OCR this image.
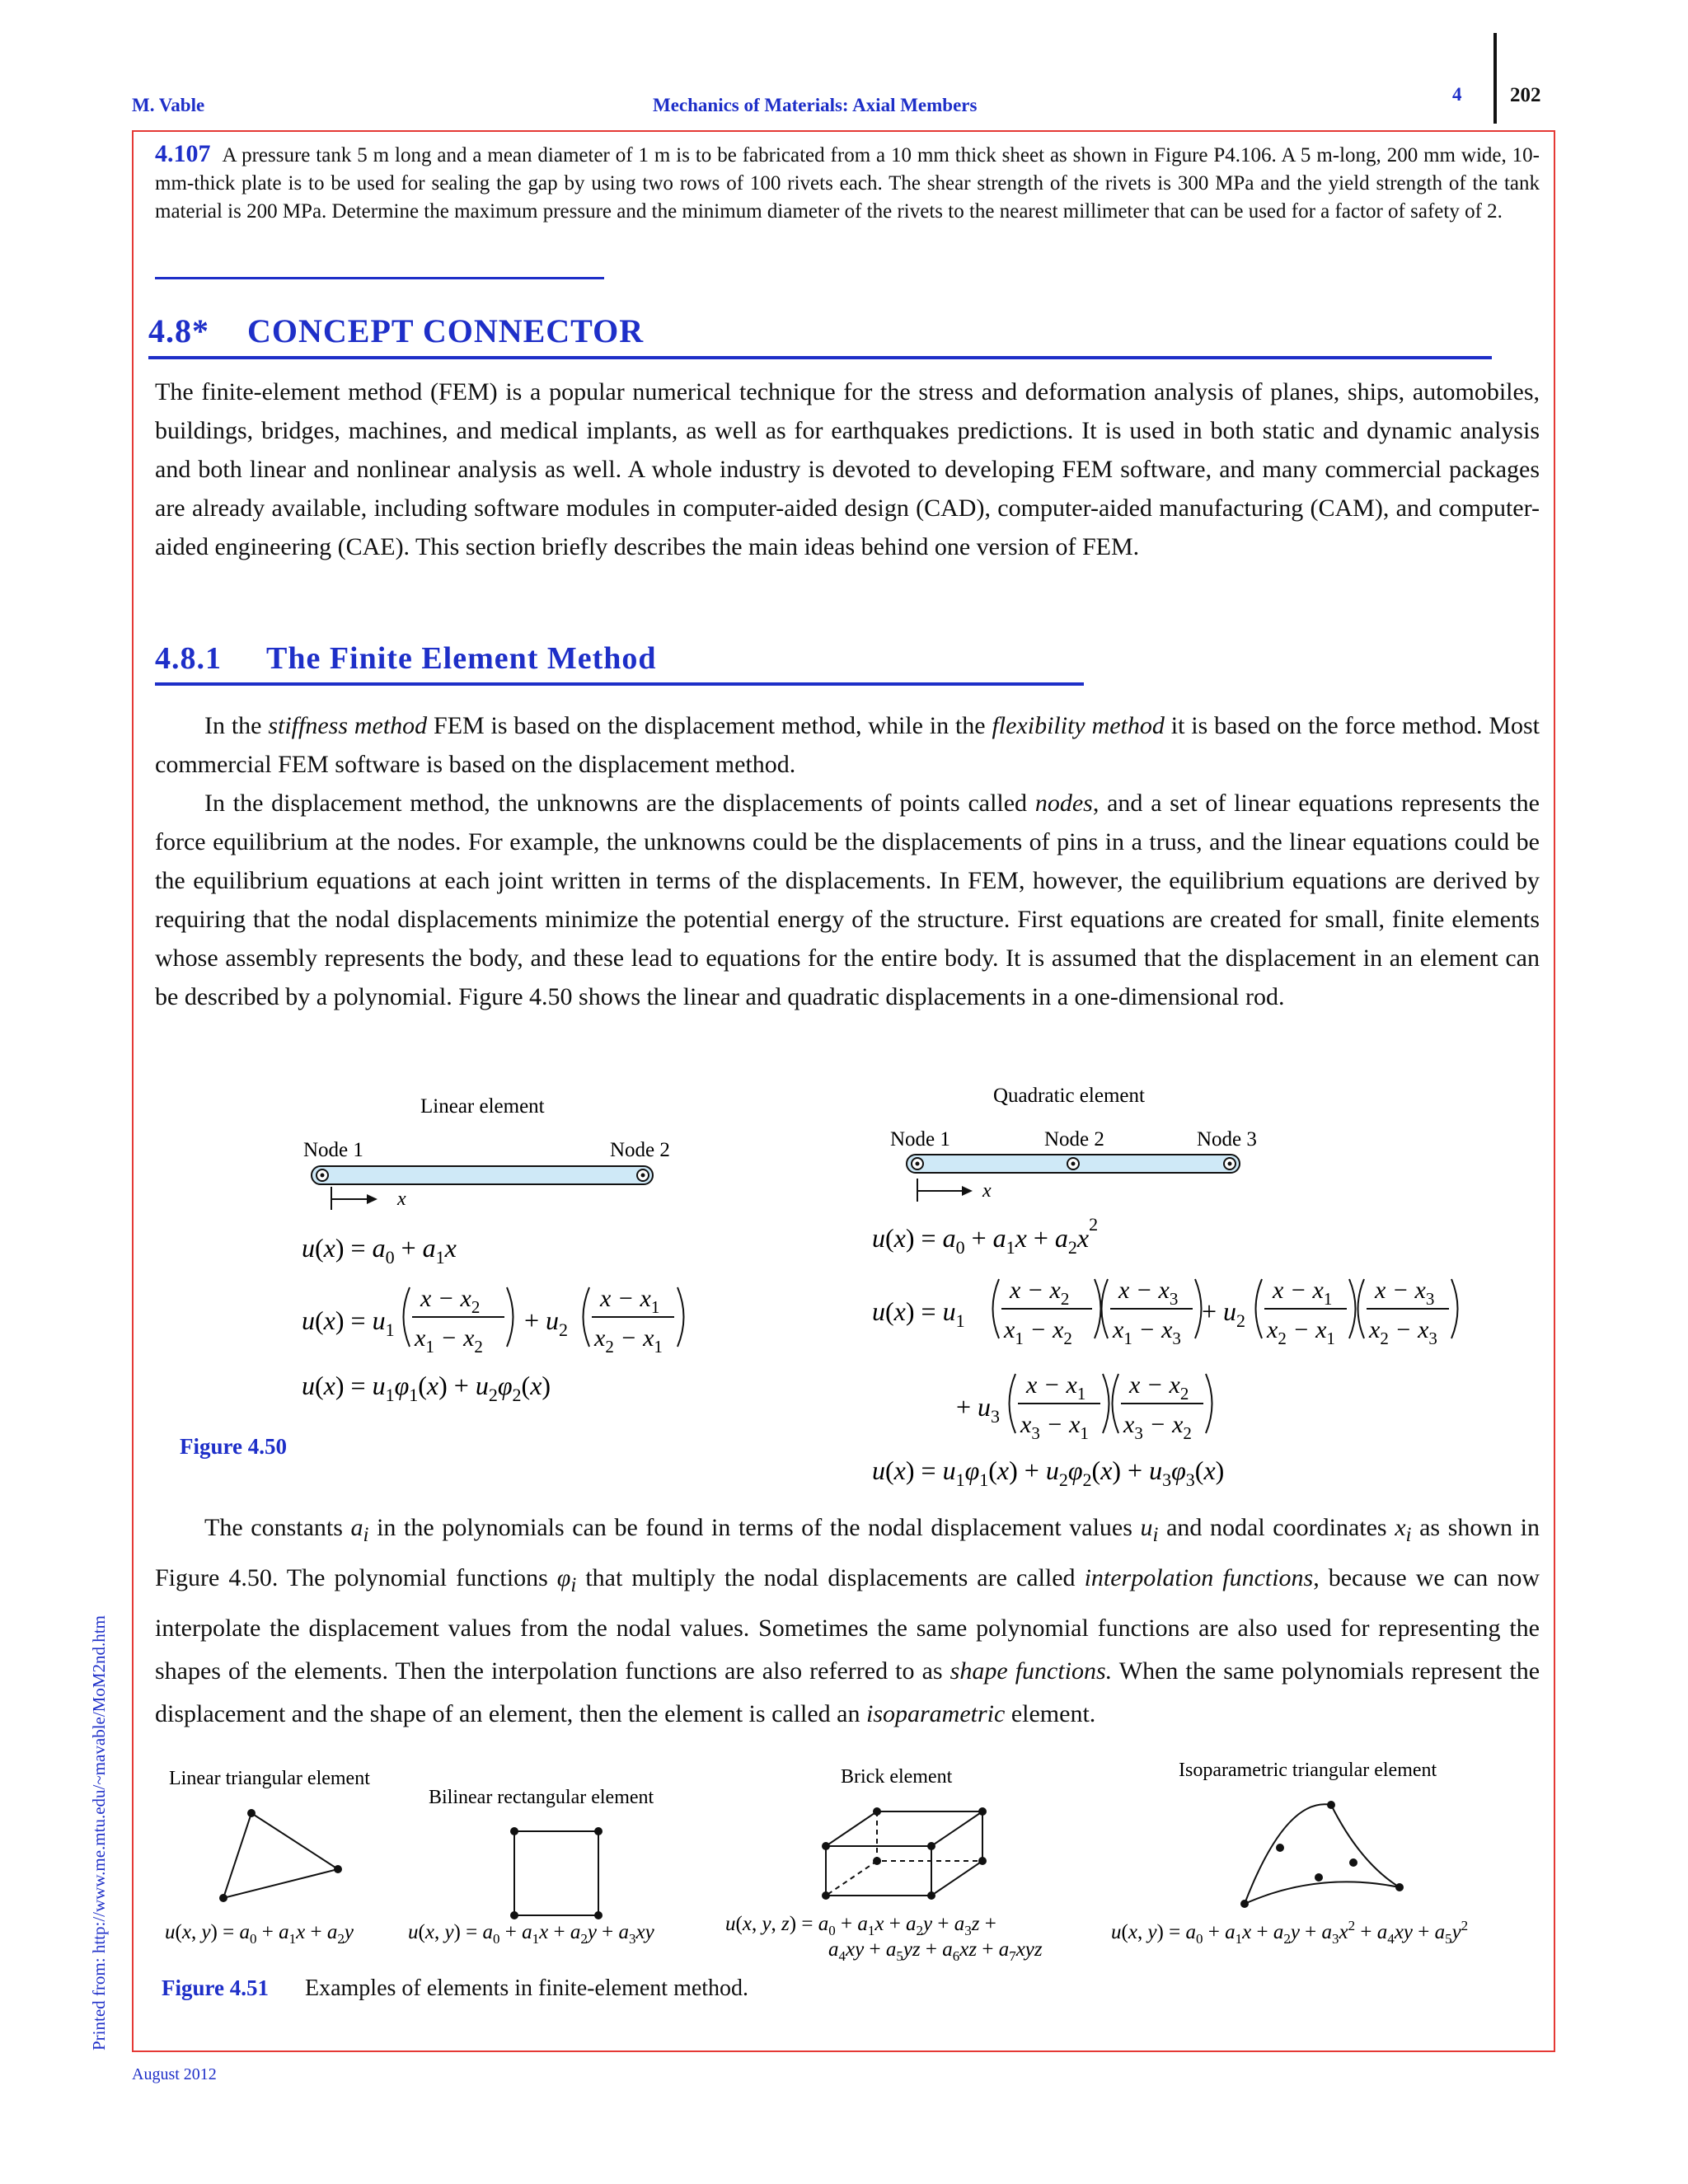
M. Vable	Mechanics of Materials: Axial Members
4 202
Printed from: http://www.me.mtu.edu/~mavable/MoM2nd.htm
August 2012
4.107 A pressure tank 5 m long and a mean diameter of 1 m is to be fabricated from a 10 mm thick sheet as shown in Figure P4.106. A 5 m-long, 200 mm wide, 10-mm-thick plate is to be used for sealing the gap by using two rows of 100 rivets each. The shear strength of the rivets is 300 MPa and the yield strength of the tank material is 200 MPa. Determine the maximum pressure and the minimum diameter of the rivets to the nearest millimeter that can be used for a factor of safety of 2.
4.8* CONCEPT CONNECTOR
The finite-element method (FEM) is a popular numerical technique for the stress and deformation analysis of planes, ships, automobiles, buildings, bridges, machines, and medical implants, as well as for earthquakes predictions. It is used in both static and dynamic analysis and both linear and nonlinear analysis as well. A whole industry is devoted to developing FEM software, and many commercial packages are already available, including software modules in computer-aided design (CAD), computer-aided manufacturing (CAM), and computer-aided engineering (CAE). This section briefly describes the main ideas behind one version of FEM.
4.8.1 The Finite Element Method
In the stiffness method FEM is based on the displacement method, while in the flexibility method it is based on the force method. Most commercial FEM software is based on the displacement method.
In the displacement method, the unknowns are the displacements of points called nodes, and a set of linear equations represents the force equilibrium at the nodes. For example, the unknowns could be the displacements of pins in a truss, and the linear equations could be the equilibrium equations at each joint written in terms of the displacements. In FEM, however, the equilibrium equations are derived by requiring that the nodal displacements minimize the potential energy of the structure. First equations are created for small, finite elements whose assembly represents the body, and these lead to equations for the entire body. It is assumed that the displacement in an element can be described by a polynomial. Figure 4.50 shows the linear and quadratic displacements in a one-dimensional rod.
Linear element
Node 1	Node 2
x
Quadratic element
Node 1	Node 2	Node 3
x
$u(x) = a_0 + a_1x$
$u(x) = u_1$
$x - x_2$
$x_1 - x_2$
+ $u_2$
$x - x_1$
$x_2 - x_1$
$u(x) = u_1\varphi_1(x) + u_2\varphi_2(x)$
$u(x) = a_0 + a_1x + a_2x^2$
$u(x) = u_1$
$x - x_2$
$x_1 - x_2$
$x - x_3$
$x_1 - x_3$
+ $u_2$
$x - x_1$
$x_2 - x_1$
$x - x_3$
$x_2 - x_3$
+ $u_3$
$x - x_1$
$x_3 - x_1$
$x - x_2$
$x_3 - x_2$
$u(x) = u_1\varphi_1(x) + u_2\varphi_2(x) + u_3\varphi_3(x)$
Figure 4.50
The constants $a_i$ in the polynomials can be found in terms of the nodal displacement values $u_i$ and nodal coordinates $x_i$ as shown in Figure 4.50. The polynomial functions $\varphi_i$ that multiply the nodal displacements are called interpolation functions, because we can now interpolate the displacement values from the nodal values. Sometimes the same polynomial functions are also used for representing the shapes of the elements. Then the interpolation functions are also referred to as shape functions. When the same polynomials represent the displacement and the shape of an element, then the element is called an isoparametric element.
Linear triangular element
Bilinear rectangular element
Brick element	Isoparametric triangular element
u(x, $y) = a_0 + a_1x + a_2y$	u(x, $y) = a_0 + a_1x + a_2y + a_3xy$	u(x, y, $z) = a_0 + a_1x + a_2y + a_3z$ +
$a_4xy + a_5yz + a_6xz + a_7xyz$
u(x, $y) = a_0 + a_1x + a_2y + a_3x^2 + a_4xy + a_5y^2$
Figure 4.51 Examples of elements in finite-element method.
